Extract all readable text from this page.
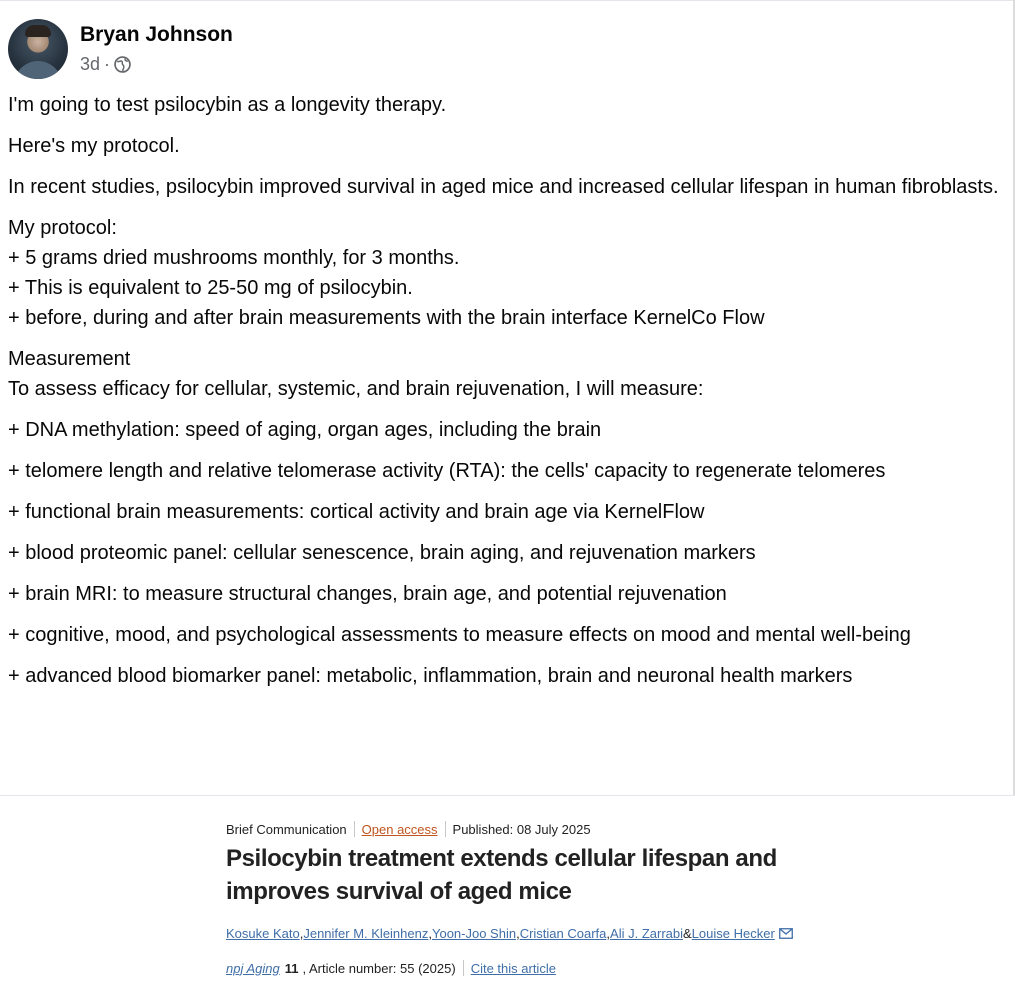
Bryan Johnson
3d ·

I'm going to test psilocybin as a longevity therapy.

Here's my protocol.

In recent studies, psilocybin improved survival in aged mice and increased cellular lifespan in human fibroblasts.

My protocol:

+ 5 grams dried mushrooms monthly, for 3 months.

+ This is equivalent to 25-50 mg of psilocybin.

+ before, during and after brain measurements with the brain interface KernelCo Flow

Measurement

To assess efficacy for cellular, systemic, and brain rejuvenation, I will measure:

+ DNA methylation: speed of aging, organ ages, including the brain

+ telomere length and relative telomerase activity (RTA): the cells' capacity to regenerate telomeres

+ functional brain measurements: cortical activity and brain age via KernelFlow

+ blood proteomic panel: cellular senescence, brain aging, and rejuvenation markers

+ brain MRI: to measure structural changes, brain age, and potential rejuvenation

+ cognitive, mood, and psychological assessments to measure effects on mood and mental well-being

+ advanced blood biomarker panel: metabolic, inflammation, brain and neuronal health markers

Brief Communication Open access Published: 08 July 2025
Psilocybin treatment extends cellular lifespan and
improves survival of aged mice
Kosuke Kato , Jennifer M. Kleinhenz , Yoon-Joo Shin , Cristian Coarfa , Ali J. Zarrabi & Louise Hecker
npj Aging 11 , Article number: 55 (2025) Cite this article
